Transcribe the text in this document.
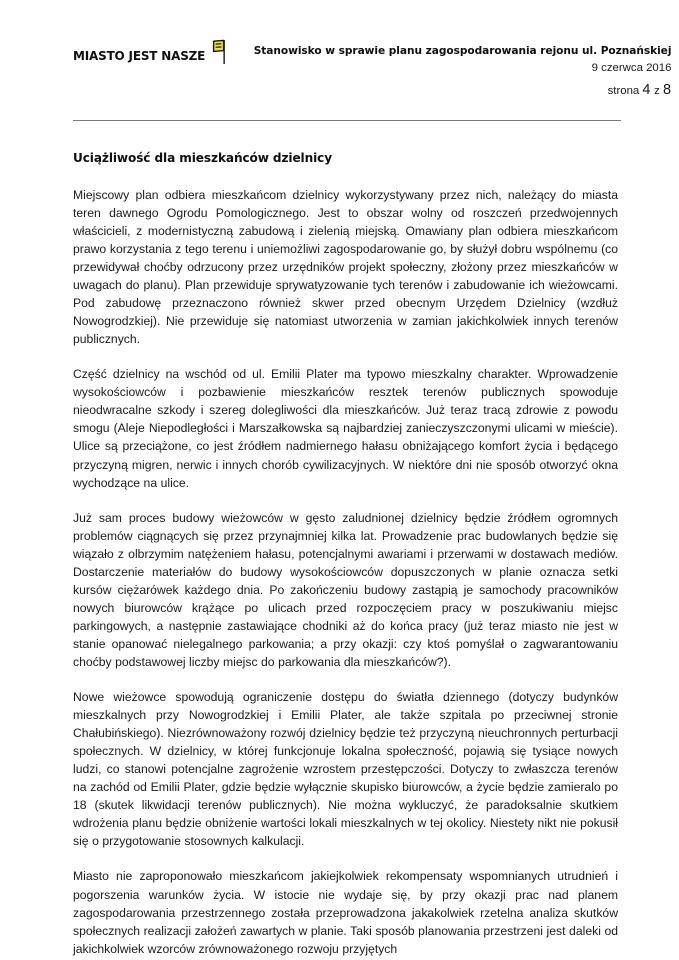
MIASTO JEST NASZE	Stanowisko w sprawie planu zagospodarowania rejonu ul. Poznańskiej
9 czerwca 2016
strona 4 z 8
Uciążliwość dla mieszkańców dzielnicy

Miejscowy plan odbiera mieszkańcom dzielnicy wykorzystywany przez nich, należący do miasta teren dawnego Ogrodu Pomologicznego. Jest to obszar wolny od roszczeń przedwojennych właścicieli, z modernistyczną zabudową i zielenią miejską. Omawiany plan odbiera mieszkańcom prawo korzystania z tego terenu i uniemożliwi zagospodarowanie go, by służył dobru wspólnemu (co przewidywał choćby odrzucony przez urzędników projekt społeczny, złożony przez mieszkańców w uwagach do planu). Plan przewiduje sprywatyzowanie tych terenów i zabudowanie ich wieżowcami. Pod zabudowę przeznaczono również skwer przed obecnym Urzędem Dzielnicy (wzdłuż Nowogrodzkiej). Nie przewiduje się natomiast utworzenia w zamian jakichkolwiek innych terenów publicznych.

Część dzielnicy na wschód od ul. Emilii Plater ma typowo mieszkalny charakter. Wprowadzenie wysokościowców i pozbawienie mieszkańców resztek terenów publicznych spowoduje nieodwracalne szkody i szereg dolegliwości dla mieszkańców. Już teraz tracą zdrowie z powodu smogu (Aleje Niepodległości i Marszałkowska są najbardziej zanieczyszczonymi ulicami w mieście). Ulice są przeciążone, co jest źródłem nadmiernego hałasu obniżającego komfort życia i będącego przyczyną migren, nerwic i innych chorób cywilizacyjnych. W niektóre dni nie sposób otworzyć okna wychodzące na ulice.

Już sam proces budowy wieżowców w gęsto zaludnionej dzielnicy będzie źródłem ogromnych problemów ciągnących się przez przynajmniej kilka lat. Prowadzenie prac budowlanych będzie się wiązało z olbrzymim natężeniem hałasu, potencjalnymi awariami i przerwami w dostawach mediów. Dostarczenie materiałów do budowy wysokościowców dopuszczonych w planie oznacza setki kursów ciężarówek każdego dnia. Po zakończeniu budowy zastąpią je samochody pracowników nowych biurowców krążące po ulicach przed rozpoczęciem pracy w poszukiwaniu miejsc parkingowych, a następnie zastawiające chodniki aż do końca pracy (już teraz miasto nie jest w stanie opanować nielegalnego parkowania; a przy okazji: czy ktoś pomyślał o zagwarantowaniu choćby podstawowej liczby miejsc do parkowania dla mieszkańców?).

Nowe wieżowce spowodują ograniczenie dostępu do światła dziennego (dotyczy budynków mieszkalnych przy Nowogrodzkiej i Emilii Plater, ale także szpitala po przeciwnej stronie Chałubińskiego). Niezrównoważony rozwój dzielnicy będzie też przyczyną nieuchronnych perturbacji społecznych. W dzielnicy, w której funkcjonuje lokalna społeczność, pojawią się tysiące nowych ludzi, co stanowi potencjalne zagrożenie wzrostem przestępczości. Dotyczy to zwłaszcza terenów na zachód od Emilii Plater, gdzie będzie wyłącznie skupisko biurowców, a życie będzie zamieralo po 18 (skutek likwidacji terenów publicznych). Nie można wykluczyć, że paradoksalnie skutkiem wdrożenia planu będzie obniżenie wartości lokali mieszkalnych w tej okolicy. Niestety nikt nie pokusił się o przygotowanie stosownych kalkulacji.

Miasto nie zaproponowało mieszkańcom jakiejkolwiek rekompensaty wspomnianych utrudnień i pogorszenia warunków życia. W istocie nie wydaje się, by przy okazji prac nad planem zagospodarowania przestrzennego została przeprowadzona jakakolwiek rzetelna analiza skutków społecznych realizacji założeń zawartych w planie. Taki sposób planowania przestrzeni jest daleki od jakichkolwiek wzorców zrównoważonego rozwoju przyjętych
